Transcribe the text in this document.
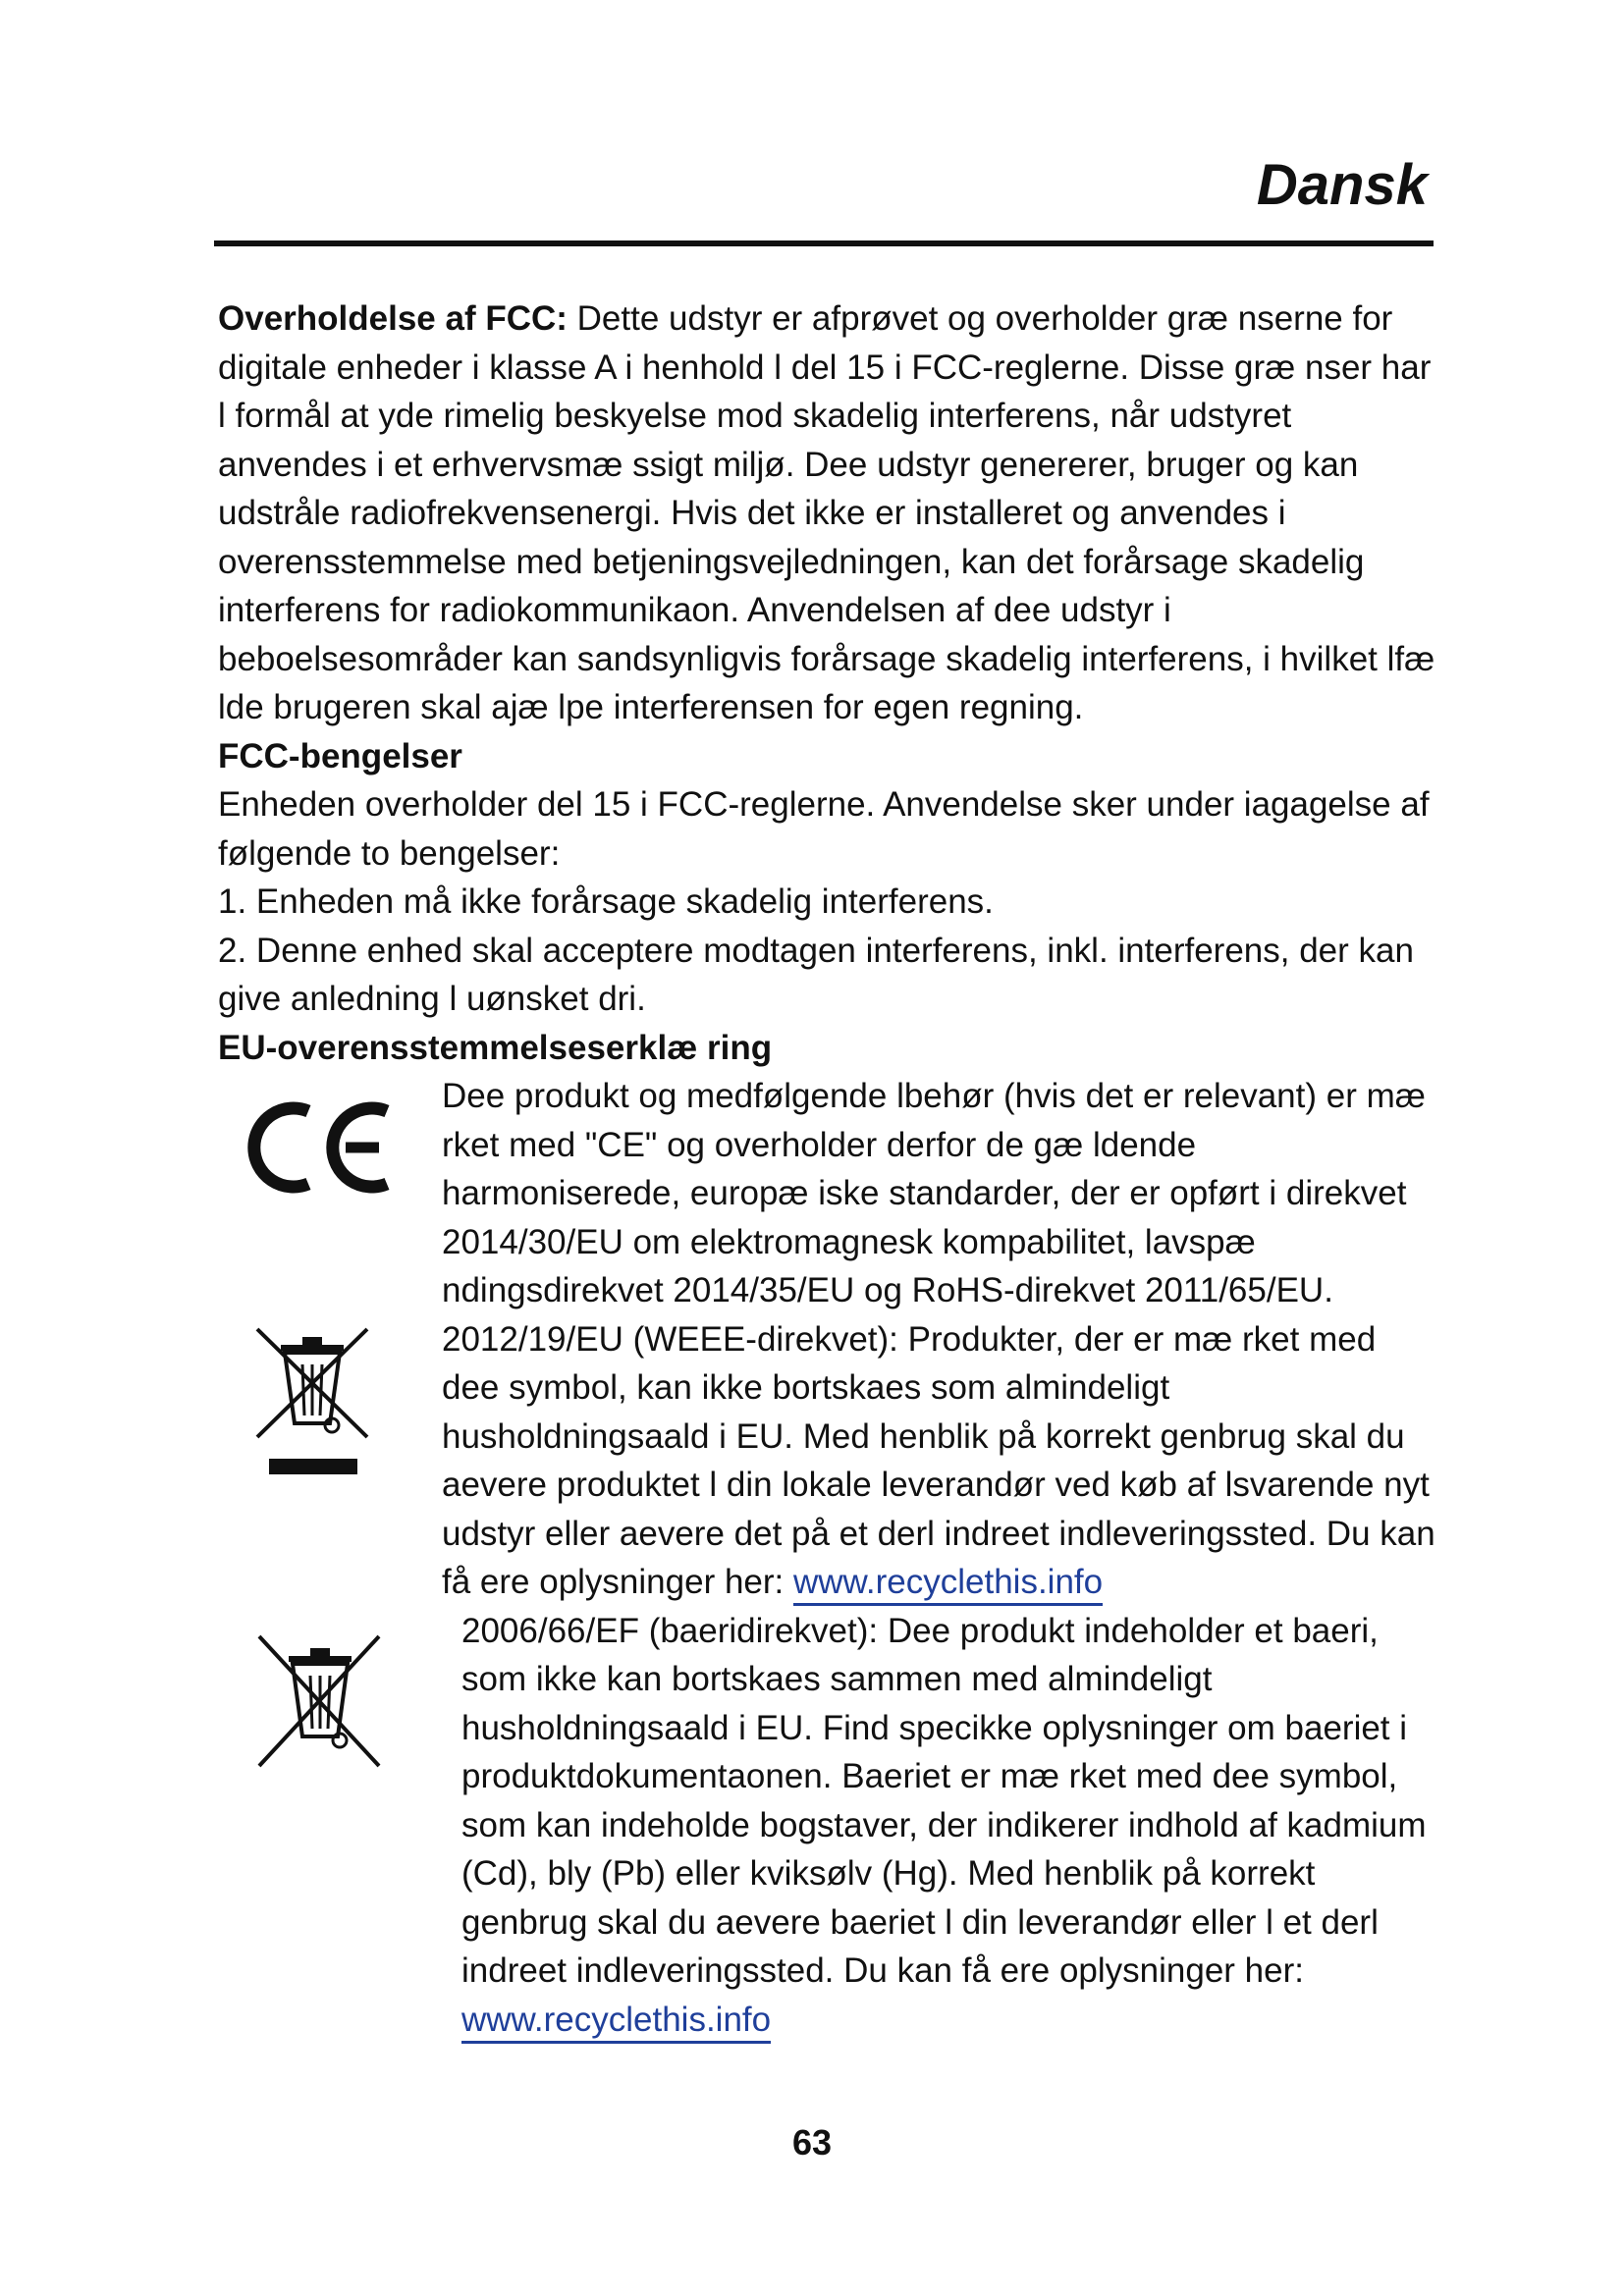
Dansk

Overholdelse af FCC: Dette udstyr er afprøvet og overholder græ nserne for digitale enheder i klasse A i henhold l del 15 i FCC-reglerne. Disse græ nser har l formål at yde rimelig beskyelse mod skadelig interferens, når udstyret anvendes i et erhvervsmæ ssigt miljø. Dee udstyr genererer, bruger og kan udstråle radiofrekvensenergi. Hvis det ikke er installeret og anvendes i overensstemmelse med betjeningsvejledningen, kan det forårsage skadelig interferens for radiokommunikaon. Anvendelsen af dee udstyr i beboelsesområder kan sandsynligvis forårsage skadelig interferens, i hvilket lfæ lde brugeren skal ajæ lpe interferensen for egen regning.

FCC-bengelser

Enheden overholder del 15 i FCC-reglerne. Anvendelse sker under iagagelse af følgende to bengelser:

1. Enheden må ikke forårsage skadelig interferens.

2. Denne enhed skal acceptere modtagen interferens, inkl. interferens, der kan give anledning l uønsket dri.

EU-overensstemmelseserklæ ring

Dee produkt og medfølgende lbehør (hvis det er relevant) er mæ rket med "CE" og overholder derfor de gæ ldende harmoniserede, europæ iske standarder, der er opført i direkvet 2014/30/EU om elektromagnesk kompabilitet, lavspæ ndingsdirekvet 2014/35/EU og RoHS-direkvet 2011/65/EU.

2012/19/EU (WEEE-direkvet): Produkter, der er mæ rket med dee symbol, kan ikke bortskaes som almindeligt husholdningsaald i EU. Med henblik på korrekt genbrug skal du aevere produktet l din lokale leverandør ved køb af lsvarende nyt udstyr eller aevere det på et derl indreet indleveringssted. Du kan få ere oplysninger her: www.recyclethis.info

2006/66/EF (baeridirekvet): Dee produkt indeholder et baeri, som ikke kan bortskaes sammen med almindeligt husholdningsaald i EU. Find specikke oplysninger om baeriet i produktdokumentaonen. Baeriet er mæ rket med dee symbol, som kan indeholde bogstaver, der indikerer indhold af kadmium (Cd), bly (Pb) eller kviksølv (Hg). Med henblik på korrekt genbrug skal du aevere baeriet l din leverandør eller l et derl indreet indleveringssted. Du kan få ere oplysninger her: www.recyclethis.info

63
